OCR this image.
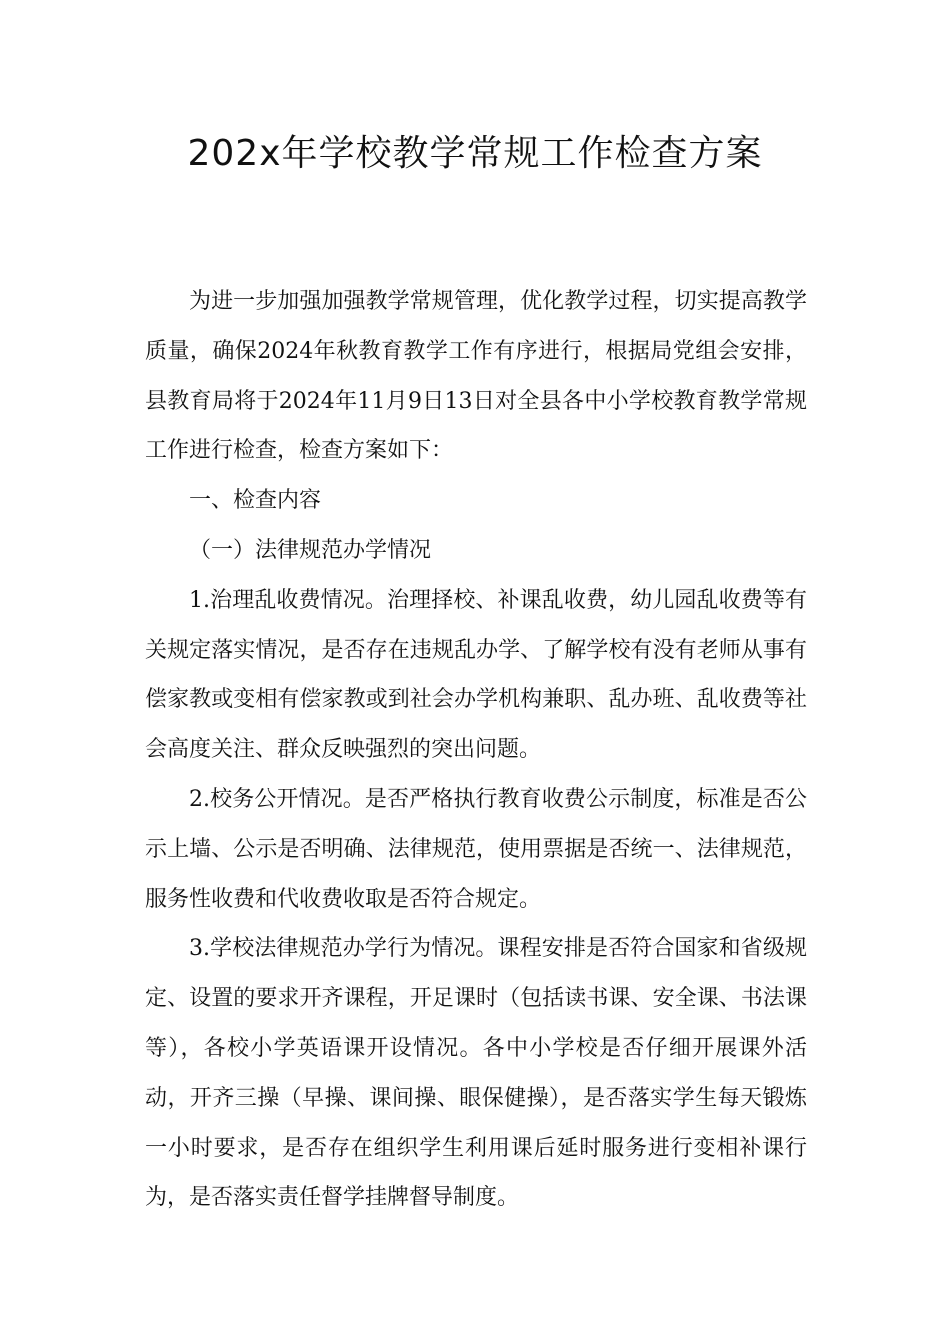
202x年学校教学常规工作检查方案

为进一步加强加强教学常规管理，优化教学过程，切实提高教学质量，确保2024年秋教育教学工作有序进行，根据局党组会安排，县教育局将于2024年11月9日13日对全县各中小学校教育教学常规工作进行检查，检查方案如下：

一、检查内容

（一）法律规范办学情况

1.治理乱收费情况。治理择校、补课乱收费，幼儿园乱收费等有关规定落实情况，是否存在违规乱办学、了解学校有没有老师从事有偿家教或变相有偿家教或到社会办学机构兼职、乱办班、乱收费等社会高度关注、群众反映强烈的突出问题。

2.校务公开情况。是否严格执行教育收费公示制度，标准是否公示上墙、公示是否明确、法律规范，使用票据是否统一、法律规范，服务性收费和代收费收取是否符合规定。

3.学校法律规范办学行为情况。课程安排是否符合国家和省级规定、设置的要求开齐课程，开足课时（包括读书课、安全课、书法课等），各校小学英语课开设情况。各中小学校是否仔细开展课外活动，开齐三操（早操、课间操、眼保健操），是否落实学生每天锻炼一小时要求，是否存在组织学生利用课后延时服务进行变相补课行为，是否落实责任督学挂牌督导制度。
